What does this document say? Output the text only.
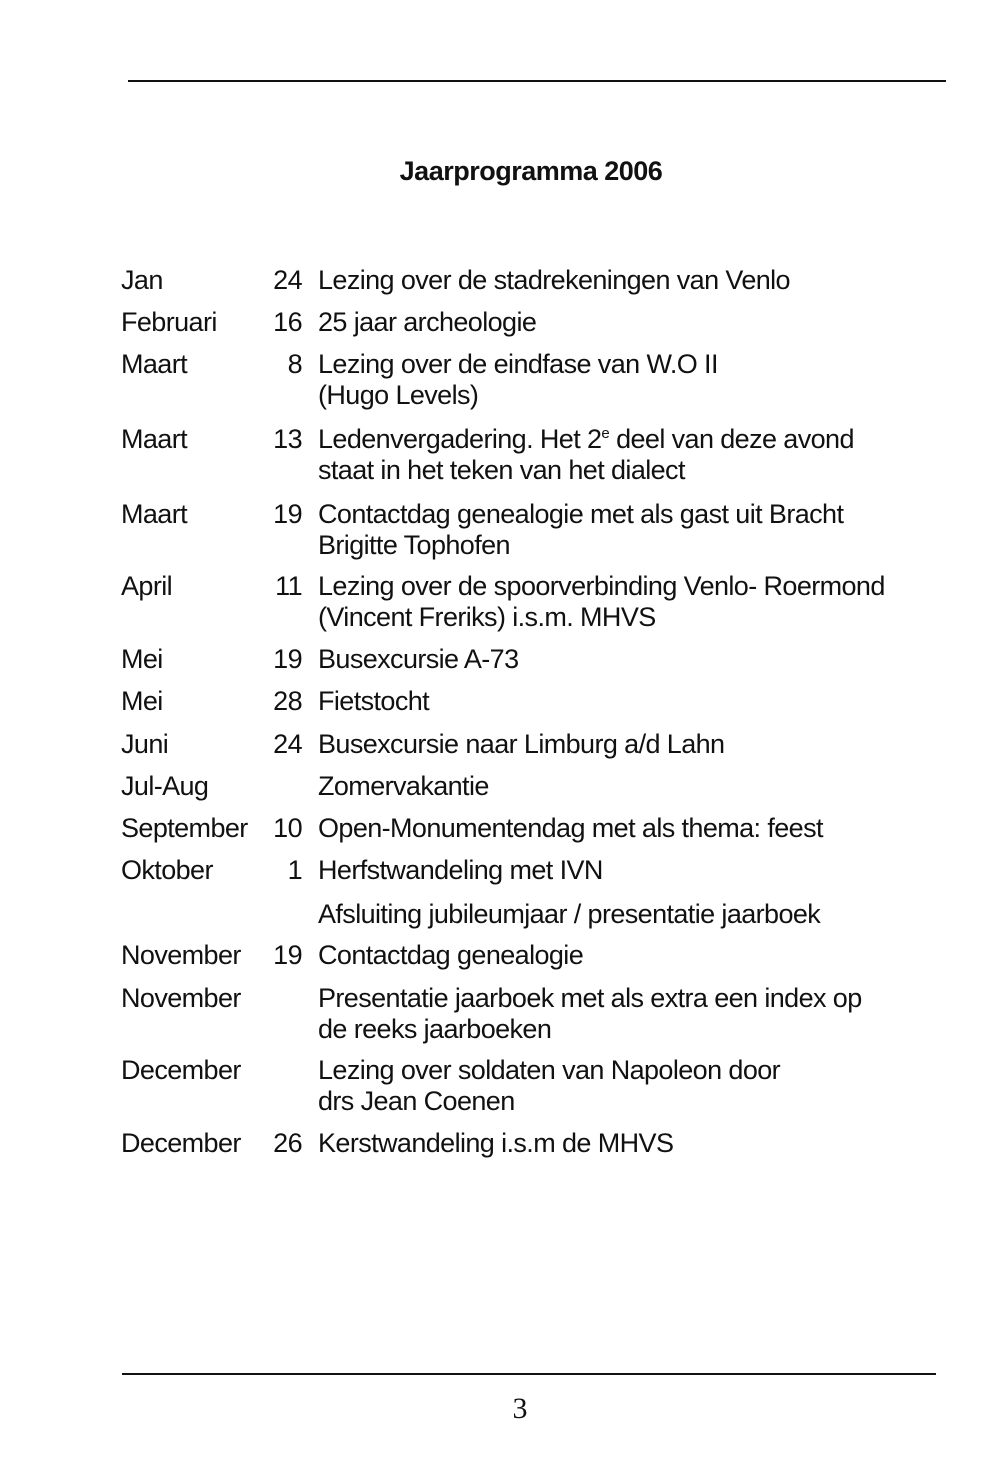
Jaarprogramma 2006
Jan	24 Lezing over de stadrekeningen van Venlo
Februari	16 25 jaar archeologie
Maart	8 Lezing over de eindfase van W.O II
(Hugo Levels)
Maart	13 Ledenvergadering. Het 2e deel van deze avond
staat in het teken van het dialect
Maart	19 Contactdag genealogie met als gast uit Bracht
Brigitte Tophofen
April	11 Lezing over de spoorverbinding Venlo- Roermond
(Vincent Freriks) i.s.m. MHVS
Mei	19 Busexcursie A-73
Mei	28 Fietstocht
Juni	24 Busexcursie naar Limburg a/d Lahn
Jul-Aug	Zomervakantie
September 10 Open-Monumentendag met als thema: feest
Oktober	1 Herfstwandeling met IVN
Afsluiting jubileumjaar / presentatie jaarboek
November	19 Contactdag genealogie
November	Presentatie jaarboek met als extra een index op
de reeks jaarboeken
December	Lezing over soldaten van Napoleon door
drs Jean Coenen
December	26 Kerstwandeling i.s.m de MHVS
3
